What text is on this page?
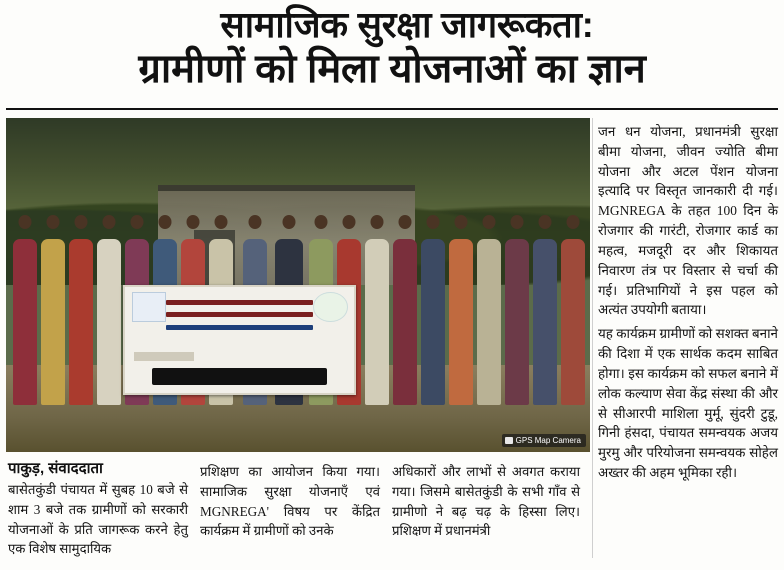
सामाजिक सुरक्षा जागरूकता:
ग्रामीणों को मिला योजनाओं का ज्ञान
GPS Map Camera
पाकुड़, संवाददाता

बासेतकुंडी पंचायत में सुबह 10 बजे से शाम 3 बजे तक ग्रामीणों को सरकारी योजनाओं के प्रति जागरूक करने हेतु एक विशेष सामुदायिक

प्रशिक्षण का आयोजन किया गया। सामाजिक सुरक्षा योजनाएँ एवं MGNREGA' विषय पर केंद्रित कार्यक्रम में ग्रामीणों को उनके

अधिकारों और लाभों से अवगत कराया गया। जिसमे बासेतकुंडी के सभी गाँव से ग्रामीणो ने बढ़ चढ़ के हिस्सा लिए। प्रशिक्षण में प्रधानमंत्री

जन धन योजना, प्रधानमंत्री सुरक्षा बीमा योजना, जीवन ज्योति बीमा योजना और अटल पेंशन योजना इत्यादि पर विस्तृत जानकारी दी गई। MGNREGA के तहत 100 दिन के रोजगार की गारंटी, रोजगार कार्ड का महत्व, मजदूरी दर और शिकायत निवारण तंत्र पर विस्तार से चर्चा की गई। प्रतिभागियों ने इस पहल को अत्यंत उपयोगी बताया।

यह कार्यक्रम ग्रामीणों को सशक्त बनाने की दिशा में एक सार्थक कदम साबित होगा। इस कार्यक्रम को सफल बनाने में लोक कल्याण सेवा केंद्र संस्था की और से सीआरपी माशिला मुर्मू, सुंदरी टुडू, गिनी हंसदा, पंचायत समन्वयक अजय मुरमु और परियोजना समन्वयक सोहेल अख्तर की अहम भूमिका रही।
